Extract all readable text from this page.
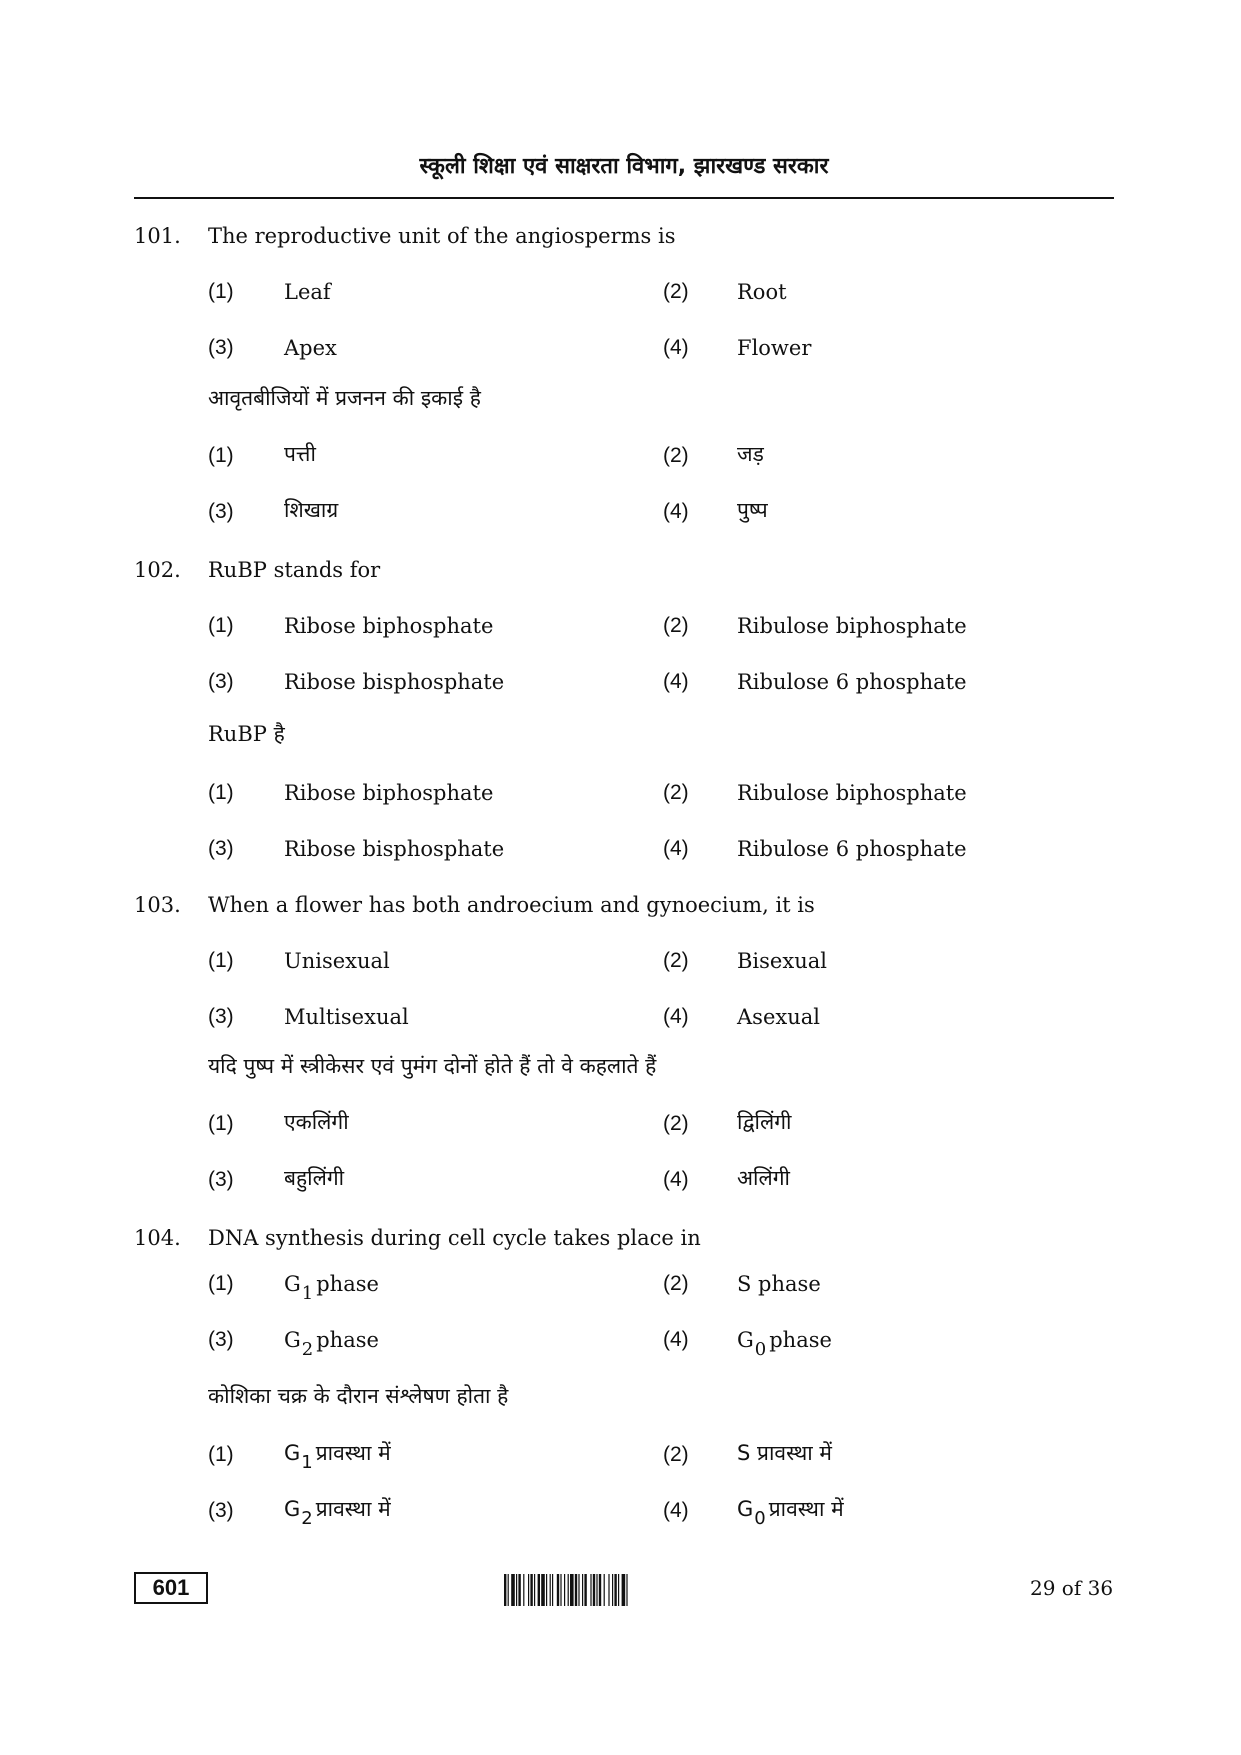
स्कूली शिक्षा एवं साक्षरता विभाग, झारखण्ड सरकार
101. The reproductive unit of the angiosperms is
(1) Leaf	(2) Root
(3) Apex	(4) Flower
आवृतबीजियों में प्रजनन की इकाई है
(1) पत्ती	(2) जड़
(3) शिखाग्र	(4) पुष्प
102. RuBP stands for
(1) Ribose biphosphate	(2) Ribulose biphosphate
(3) Ribose bisphosphate	(4) Ribulose 6 phosphate
RuBP है
(1) Ribose biphosphate	(2) Ribulose biphosphate
(3) Ribose bisphosphate	(4) Ribulose 6 phosphate
103. When a flower has both androecium and gynoecium, it is
(1) Unisexual	(2) Bisexual
(3) Multisexual	(4) Asexual
यदि पुष्प में स्त्रीकेसर एवं पुमंग दोनों होते हैं तो वे कहलाते हैं
(1) एकलिंगी	(2) द्विलिंगी
(3) बहुलिंगी	(4) अलिंगी
104. DNA synthesis during cell cycle takes place in
(1) G1 phase	(2) S phase
(3) G2 phase	(4) G0 phase
कोशिका चक्र के दौरान संश्लेषण होता है
(1) G1 प्रावस्था में	(2) S प्रावस्था में
(3) G2 प्रावस्था में	(4) G0 प्रावस्था में
601	29 of 36
